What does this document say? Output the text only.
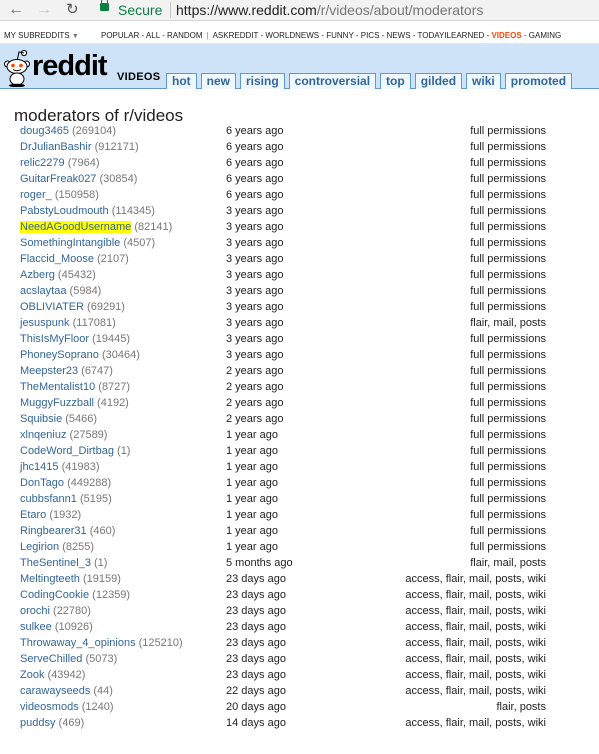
← → ↻	Secure https://www.reddit.com/r/videos/about/moderators
MY SUBREDDITS ▼	POPULAR - ALL - RANDOM | ASKREDDIT - WORLDNEWS - FUNNY - PICS - NEWS - TODAYILEARNED - VIDEOS - GAMING
reddit VIDEOS hot	new	rising	controversial	top	gilded	wiki	promoted
moderators of r/videos
doug3465 (269104)	6 years ago	full permissions
DrJulianBashir (912171)	6 years ago	full permissions
relic2279 (7964)	6 years ago	full permissions
GuitarFreak027 (30854)	6 years ago	full permissions
roger_ (150958)	6 years ago	full permissions
PabstyLoudmouth (114345)	3 years ago	full permissions
NeedAGoodUsername (82141)	3 years ago	full permissions
SomethingIntangible (4507)	3 years ago	full permissions
Flaccid_Moose (2107)	3 years ago	full permissions
Azberg (45432)	3 years ago	full permissions
acslaytaa (5984)	3 years ago	full permissions
OBLIVIATER (69291)	3 years ago	full permissions
jesuspunk (117081)	3 years ago	flair, mail, posts
ThisIsMyFloor (19445)	3 years ago	full permissions
PhoneySoprano (30464)	3 years ago	full permissions
Meepster23 (6747)	2 years ago	full permissions
TheMentalist10 (8727)	2 years ago	full permissions
MuggyFuzzball (4192)	2 years ago	full permissions
Squibsie (5466)	2 years ago	full permissions
xlnqeniuz (27589)	1 year ago	full permissions
CodeWord_Dirtbag (1)	1 year ago	full permissions
jhc1415 (41983)	1 year ago	full permissions
DonTago (449288)	1 year ago	full permissions
cubbsfann1 (5195)	1 year ago	full permissions
Etaro (1932)	1 year ago	full permissions
Ringbearer31 (460)	1 year ago	full permissions
Legirion (8255)	1 year ago	full permissions
TheSentinel_3 (1)	5 months ago	flair, mail, posts
Meltingteeth (19159)	23 days ago	access, flair, mail, posts, wiki
CodingCookie (12359)	23 days ago	access, flair, mail, posts, wiki
orochi (22780)	23 days ago	access, flair, mail, posts, wiki
sulkee (10926)	23 days ago	access, flair, mail, posts, wiki
Throwaway_4_opinions (125210)	23 days ago	access, flair, mail, posts, wiki
ServeChilled (5073)	23 days ago	access, flair, mail, posts, wiki
Zook (43942)	23 days ago	access, flair, mail, posts, wiki
carawayseeds (44)	22 days ago	access, flair, mail, posts, wiki
videosmods (1240)	20 days ago	flair, posts
puddsy (469)	14 days ago	access, flair, mail, posts, wiki
